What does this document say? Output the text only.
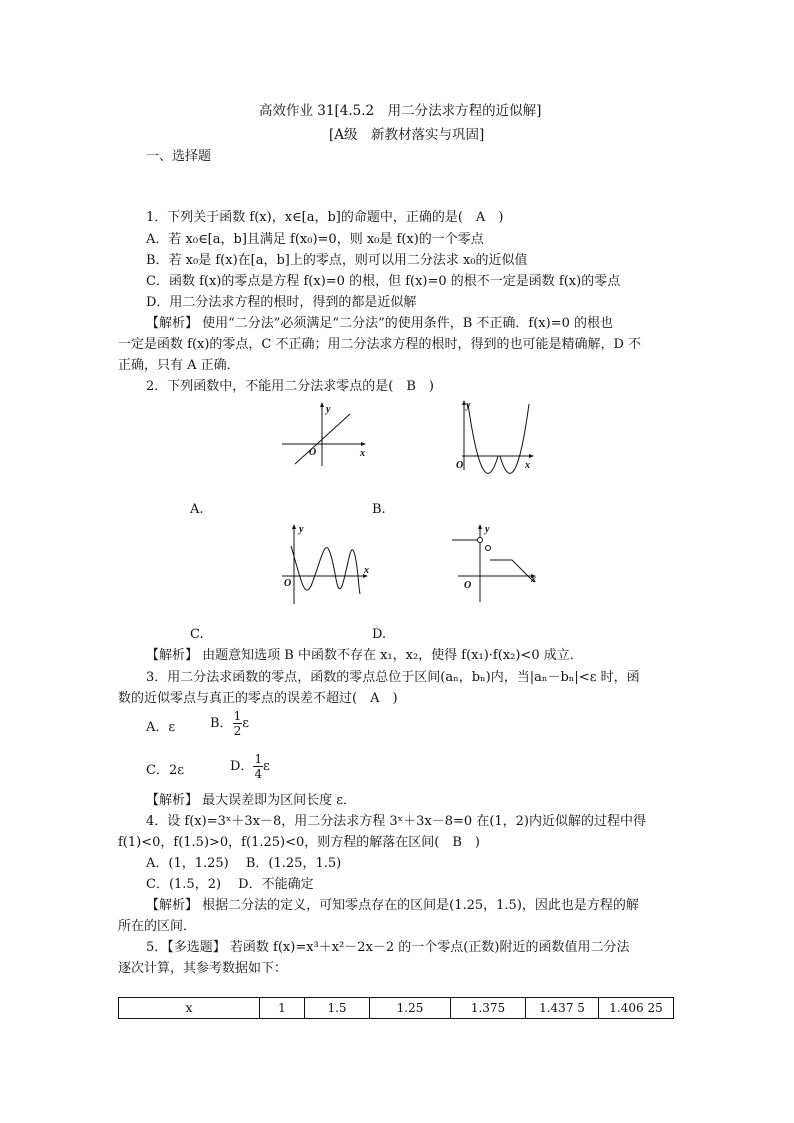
高效作业 31[4.5.2　用二分法求方程的近似解]
[A级　新教材落实与巩固]
一、选择题
1．下列关于函数 f(x)，x∈[a，b]的命题中，正确的是(　A　)
A．若 x₀∈[a，b]且满足 f(x₀)=0，则 x₀是 f(x)的一个零点
B．若 x₀是 f(x)在[a，b]上的零点，则可以用二分法求 x₀的近似值
C．函数 f(x)的零点是方程 f(x)=0 的根，但 f(x)=0 的根不一定是函数 f(x)的零点
D．用二分法求方程的根时，得到的都是近似解
【解析】 使用“二分法”必须满足“二分法”的使用条件，B 不正确．f(x)=0 的根也
一定是函数 f(x)的零点，C 不正确；用二分法求方程的根时，得到的也可能是精确解，D 不
正确，只有 A 正确．
2．下列函数中，不能用二分法求零点的是(　B　)
x
y
O
x
y
O
A.	B.
x
y
O	x
y
O
C.	D.
【解析】 由题意知选项 B 中函数不存在 x₁，x₂，使得 f(x₁)·f(x₂)<0 成立．
3．用二分法求函数的零点，函数的零点总位于区间(aₙ，bₙ)内，当|aₙ－bₙ|<ε 时，函
数的近似零点与真正的零点的误差不超过(　A　)
A．ε	B． $\frac{1}{2}$ ε
C．2ε	D． $\frac{1}{4}$ ε
【解析】 最大误差即为区间长度 ε．
4．设 f(x)=3ˣ＋3x－8，用二分法求方程 3ˣ＋3x－8=0 在(1，2)内近似解的过程中得
f(1)<0，f(1.5)>0，f(1.25)<0，则方程的解落在区间(　B　)
A．(1，1.25)　 B．(1.25，1.5)
C．(1.5，2)　 D．不能确定
【解析】 根据二分法的定义，可知零点存在的区间是(1.25，1.5)，因此也是方程的解
所在的区间．
5．【多选题】 若函数 f(x)=x³＋x²－2x－2 的一个零点(正数)附近的函数值用二分法
逐次计算，其参考数据如下：
x	1	1.5	1.25	1.375	1.437 5	1.406 25
